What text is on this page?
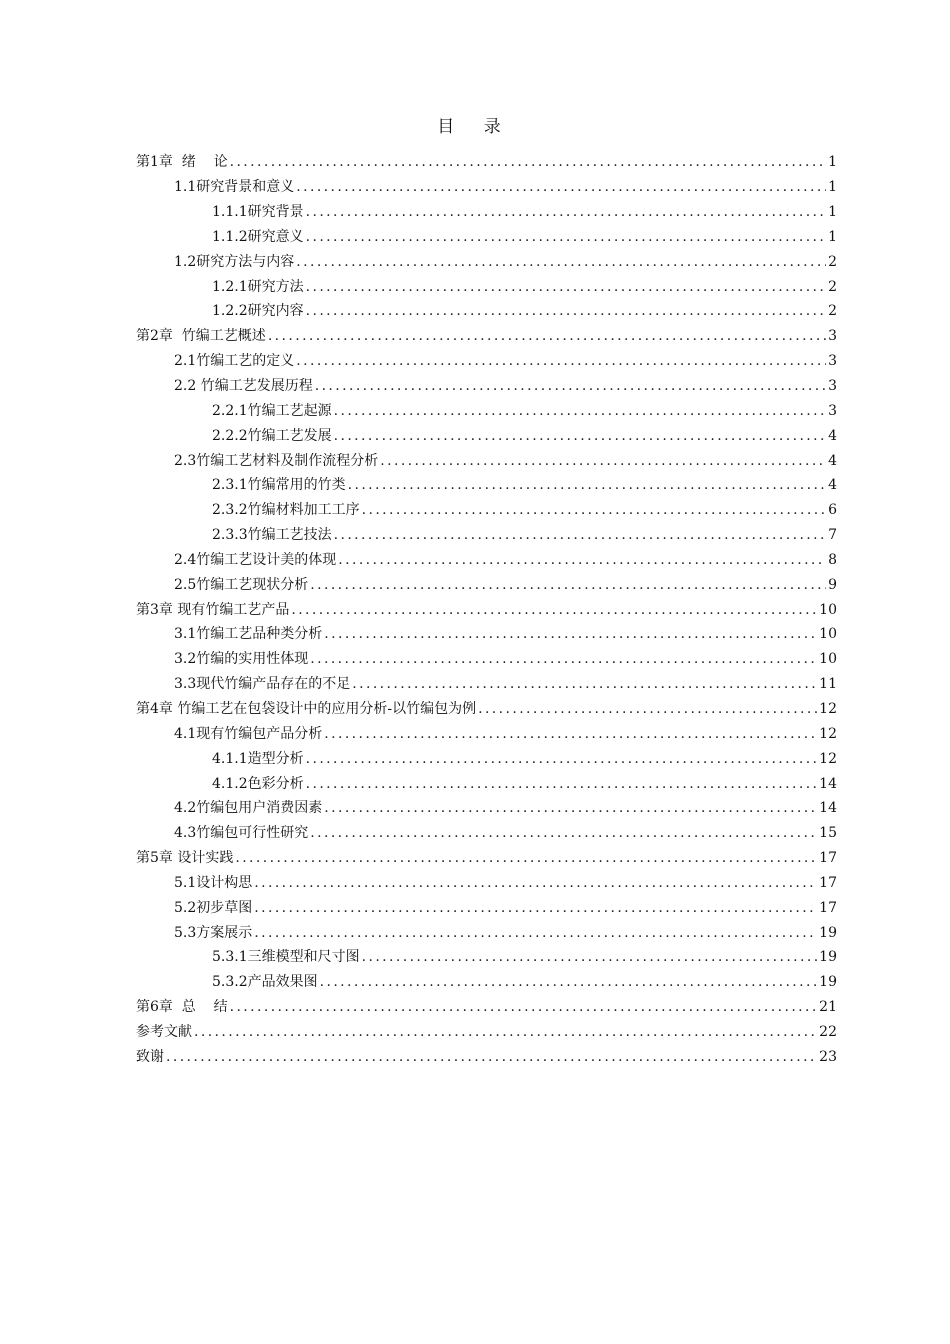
目 录
第1章  绪    论 .....	1
1.1研究背景和意义 .....	1
1.1.1研究背景 .....	1
1.1.2研究意义 .....	1
1.2研究方法与内容 .....	2
1.2.1研究方法 .....	2
1.2.2研究内容 .....	2
第2章  竹编工艺概述 .....	3
2.1竹编工艺的定义 .....	3
2.2 竹编工艺发展历程 .....	3
2.2.1竹编工艺起源 .....	3
2.2.2竹编工艺发展 .....	4
2.3竹编工艺材料及制作流程分析 .....	4
2.3.1竹编常用的竹类 .....	4
2.3.2竹编材料加工工序 .....	6
2.3.3竹编工艺技法 .....	7
2.4竹编工艺设计美的体现 .....	8
2.5竹编工艺现状分析 .....	9
第3章 现有竹编工艺产品 .....	10
3.1竹编工艺品种类分析 .....	10
3.2竹编的实用性体现 .....	10
3.3现代竹编产品存在的不足 .....	11
第4章 竹编工艺在包袋设计中的应用分析-以竹编包为例 .....	12
4.1现有竹编包产品分析 .....	12
4.1.1造型分析 .....	12
4.1.2色彩分析 .....	14
4.2竹编包用户消费因素 .....	14
4.3竹编包可行性研究 .....	15
第5章 设计实践 .....	17
5.1设计构思 .....	17
5.2初步草图 .....	17
5.3方案展示 .....	19
5.3.1三维模型和尺寸图 .....	19
5.3.2产品效果图 .....	19
第6章  总    结 .....	21
参考文献 .....	22
致谢 .....	23
